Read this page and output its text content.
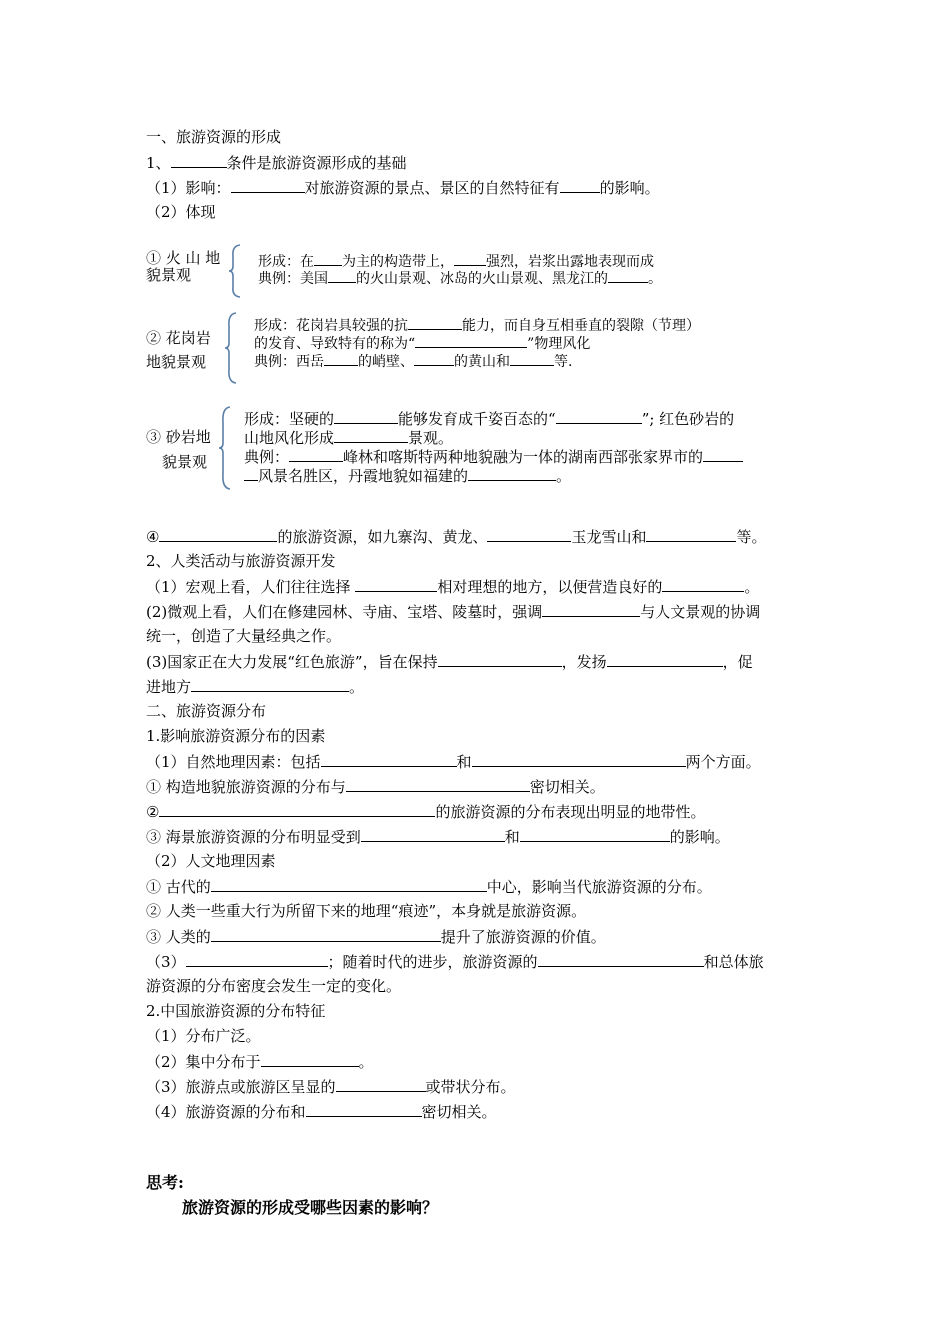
一、旅游资源的形成
1、	条件是旅游资源形成的基础
（1）影响：	对旅游资源的景点、景区的自然特征有	的影响。
（2）体现
① 火 山 地
貌景观
形成：在 为主的构造带上， 强烈，岩浆出露地表现而成
典例：美国 的火山景观、冰岛的火山景观、黑龙江的	。
② 花岗岩
地貌景观
形成：花岗岩具较强的抗	能力，而自身互相垂直的裂隙（节理）
的发育、导致特有的称为“	”物理风化
典例：西岳 的峭壁、	的黄山和	等.
③ 砂岩地
貌景观
形成：坚硬的	能够发育成千姿百态的“	”; 红色砂岩的
山地风化形成	景观。
典例：	峰林和喀斯特两种地貌融为一体的湖南西部张家界市的
风景名胜区，丹霞地貌如福建的	。
④	的旅游资源，如九寨沟、黄龙、	玉龙雪山和	等。
2、人类活动与旅游资源开发
（1）宏观上看，人们往往选择	相对理想的地方，以便营造良好的	。
(2)微观上看，人们在修建园林、寺庙、宝塔、陵墓时，强调	与人文景观的协调
统一，创造了大量经典之作。
(3)国家正在大力发展“红色旅游”，旨在保持	，发扬	，促
进地方	。
二、旅游资源分布
1.影响旅游资源分布的因素
（1）自然地理因素：包括	和	两个方面。
① 构造地貌旅游资源的分布与	密切相关。
②	的旅游资源的分布表现出明显的地带性。
③ 海景旅游资源的分布明显受到	和	的影响。
（2）人文地理因素
① 古代的	中心，影响当代旅游资源的分布。
② 人类一些重大行为所留下来的地理“痕迹”，本身就是旅游资源。
③ 人类的	提升了旅游资源的价值。
（3）	；随着时代的进步，旅游资源的	和总体旅
游资源的分布密度会发生一定的变化。
2.中国旅游资源的分布特征
（1）分布广泛。
（2）集中分布于	。
（3）旅游点或旅游区呈显的	或带状分布。
（4）旅游资源的分布和	密切相关。
思考:
旅游资源的形成受哪些因素的影响？
